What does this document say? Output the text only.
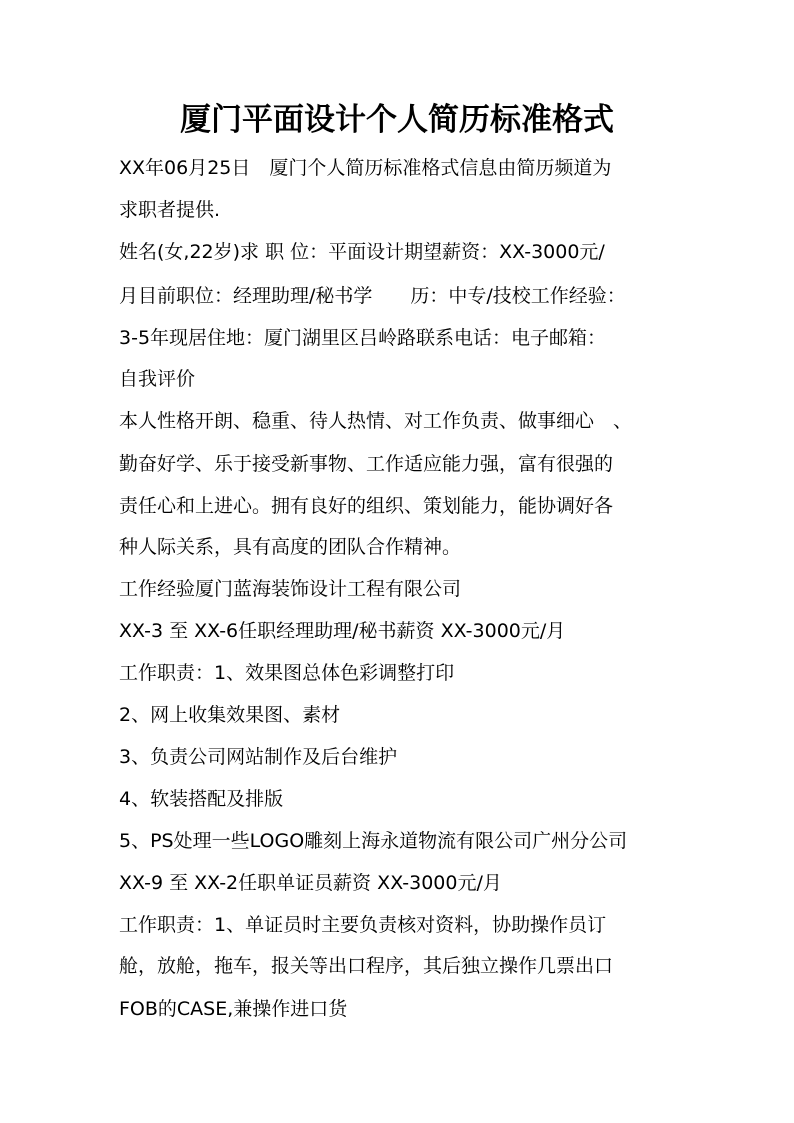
厦门平面设计个人简历标准格式
XX年06月25日　厦门个人简历标准格式信息由简历频道为
求职者提供.
姓名(女,22岁)求 职 位：平面设计期望薪资：XX-3000元/
月目前职位：经理助理/秘书学　　历：中专/技校工作经验：
3-5年现居住地：厦门湖里区吕岭路联系电话：电子邮箱：
自我评价
本人性格开朗、稳重、待人热情、对工作负责、做事细心　、
勤奋好学、乐于接受新事物、工作适应能力强，富有很强的
责任心和上进心。拥有良好的组织、策划能力，能协调好各
种人际关系，具有高度的团队合作精神。
工作经验厦门蓝海装饰设计工程有限公司
XX-3 至 XX-6任职经理助理/秘书薪资 XX-3000元/月
工作职责：1、效果图总体色彩调整打印
2、网上收集效果图、素材
3、负责公司网站制作及后台维护
4、软装搭配及排版
5、PS处理一些LOGO雕刻上海永道物流有限公司广州分公司
XX-9 至 XX-2任职单证员薪资 XX-3000元/月
工作职责：1、单证员时主要负责核对资料，协助操作员订
舱，放舱，拖车，报关等出口程序，其后独立操作几票出口
FOB的CASE,兼操作进口货
